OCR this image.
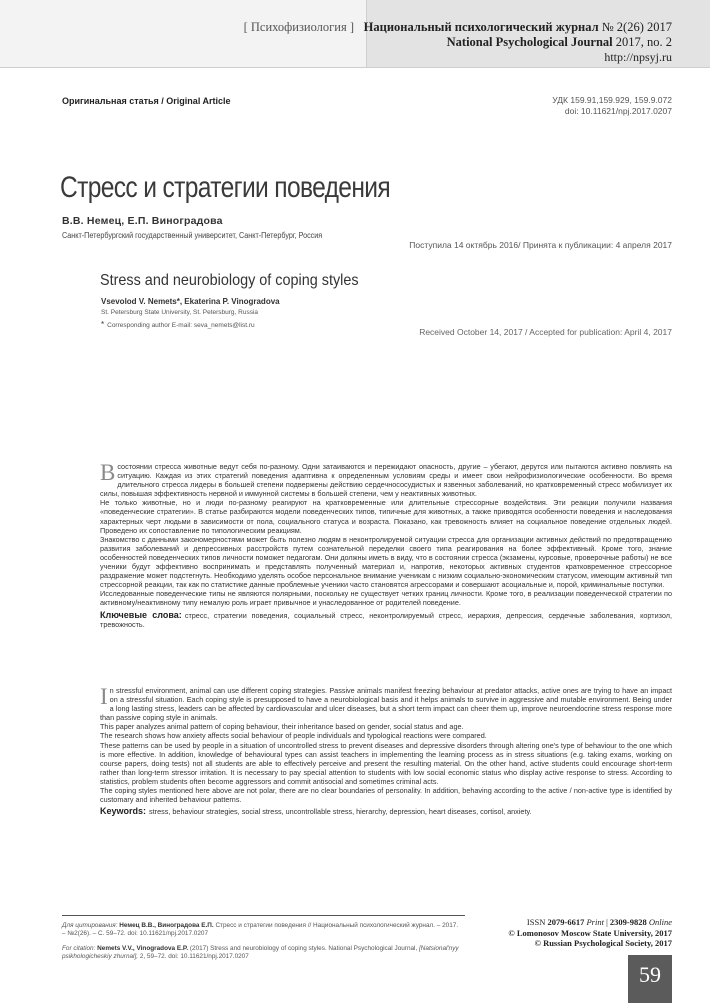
[ Психофизиология ] Национальный психологический журнал № 2(26) 2017
National Psychological Journal 2017, no. 2
http://npsyj.ru
Оригинальная статья / Original Article	УДК 159.91,159.929, 159.9.072
doi: 10.11621/npj.2017.0207
Стресс и стратегии поведения
В.В. Немец, Е.П. Виноградова
Санкт-Петербургский государственный университет, Санкт-Петербург, Россия
Поступила 14 октябрь 2016/ Принята к публикации: 4 апреля 2017
Stress and neurobiology of coping styles
Vsevolod V. Nemets*, Ekaterina P. Vinogradova
St. Petersburg State University, St. Petersburg, Russia
* Corresponding author E-mail: seva_nemets@list.ru
Received October 14, 2017 / Accepted for publication: April 4, 2017

В состоянии стресса животные ведут себя по-разному. Одни затаиваются и пережидают опасность, другие – убегают, дерутся или пытаются активно повлиять на ситуацию. Каждая из этих стратегий поведения адаптивна к определенным условиям среды и имеет свои нейрофизиологические особенности. Во время длительного стресса лидеры в большей степени подвержены действию сердечнососудистых и язвенных заболеваний, но кратковременный стресс мобилизует их силы, повышая эффективность нервной и иммунной системы в большей степени, чем у неактивных животных.

Не только животные, но и люди по-разному реагируют на кратковременные или длительные стрессорные воздействия. Эти реакции получили названия «поведенческие стратегии». В статье разбираются модели поведенческих типов, типичные для животных, а также приводятся особенности поведения и наследования характерных черт людьми в зависимости от пола, социального статуса и возраста. Показано, как тревожность влияет на социальное поведение отдельных людей. Проведено их сопоставление по типологическим реакциям.

Знакомство с данными закономерностями может быть полезно людям в неконтролируемой ситуации стресса для организации активных действий по предотвращению развития заболеваний и депрессивных расстройств путем сознательной переделки своего типа реагирования на более эффективный. Кроме того, знание особенностей поведенческих типов личности поможет педагогам. Они должны иметь в виду, что в состоянии стресса (экзамены, курсовые, проверочные работы) не все ученики будут эффективно воспринимать и представлять полученный материал и, напротив, некоторых активных студентов кратковременное стрессорное раздражение может подстегнуть. Необходимо уделять особое персональное внимание ученикам с низким социально-экономическим статусом, имеющим активный тип стрессорной реакции, так как по статистике данные проблемные ученики часто становятся агрессорами и совершают асоциальные и, порой, криминальные поступки.

Исследованные поведенческие типы не являются полярными, поскольку не существует четких границ личности. Кроме того, в реализации поведенческой стратегии по активному/неактивному типу немалую роль играет привычное и унаследованное от родителей поведение.

Ключевые слова: стресс, стратегии поведения, социальный стресс, неконтролируемый стресс, иерархия, депрессия, сердечные заболевания, кортизол, тревожность.

In stressful environment, animal can use different coping strategies. Passive animals manifest freezing behaviour at predator attacks, active ones are trying to have an impact on a stressful situation. Each coping style is presupposed to have a neurobiological basis and it helps animals to survive in aggressive and mutable environment. Being under a long lasting stress, leaders can be affected by cardiovascular and ulcer diseases, but a short term impact can cheer them up, improve neuroendocrine stress response more than passive coping style in animals.

This paper analyzes animal pattern of coping behaviour, their inheritance based on gender, social status and age.

The research shows how anxiety affects social behaviour of people individuals and typological reactions were compared.

These patterns can be used by people in a situation of uncontrolled stress to prevent diseases and depressive disorders through altering one's type of behaviour to the one which is more effective. In addition, knowledge of behavioural types can assist teachers in implementing the learning process as in stress situations (e.g. taking exams, working on course papers, doing tests) not all students are able to effectively perceive and present the resulting material. On the other hand, active students could encourage short-term rather than long-term stressor irritation. It is necessary to pay special attention to students with low social economic status who display active response to stress. According to statistics, problem students often become aggressors and commit antisocial and sometimes criminal acts.

The coping styles mentioned here above are not polar, there are no clear boundaries of personality. In addition, behaving according to the active / non-active type is identified by customary and inherited behaviour patterns.

Keywords: stress, behaviour strategies, social stress, uncontrollable stress, hierarchy, depression, heart diseases, cortisol, anxiety.

Для цитирования: Немец В.В., Виноградова Е.П. Стресс и стратегии поведения // Национальный психологический журнал. – 2017. – №2(26). – С. 59–72. doi: 10.11621/npj.2017.0207
For citation: Nemets V.V., Vinogradova E.P. (2017) Stress and neurobiology of coping styles. National Psychological Journal, [Natsional'nyy psikhologicheskiy zhurnal], 2, 59–72. doi: 10.11621/npj.2017.0207
ISSN 2079-6617 Print | 2309-9828 Online
© Lomonosov Moscow State University, 2017
© Russian Psychological Society, 2017
59
